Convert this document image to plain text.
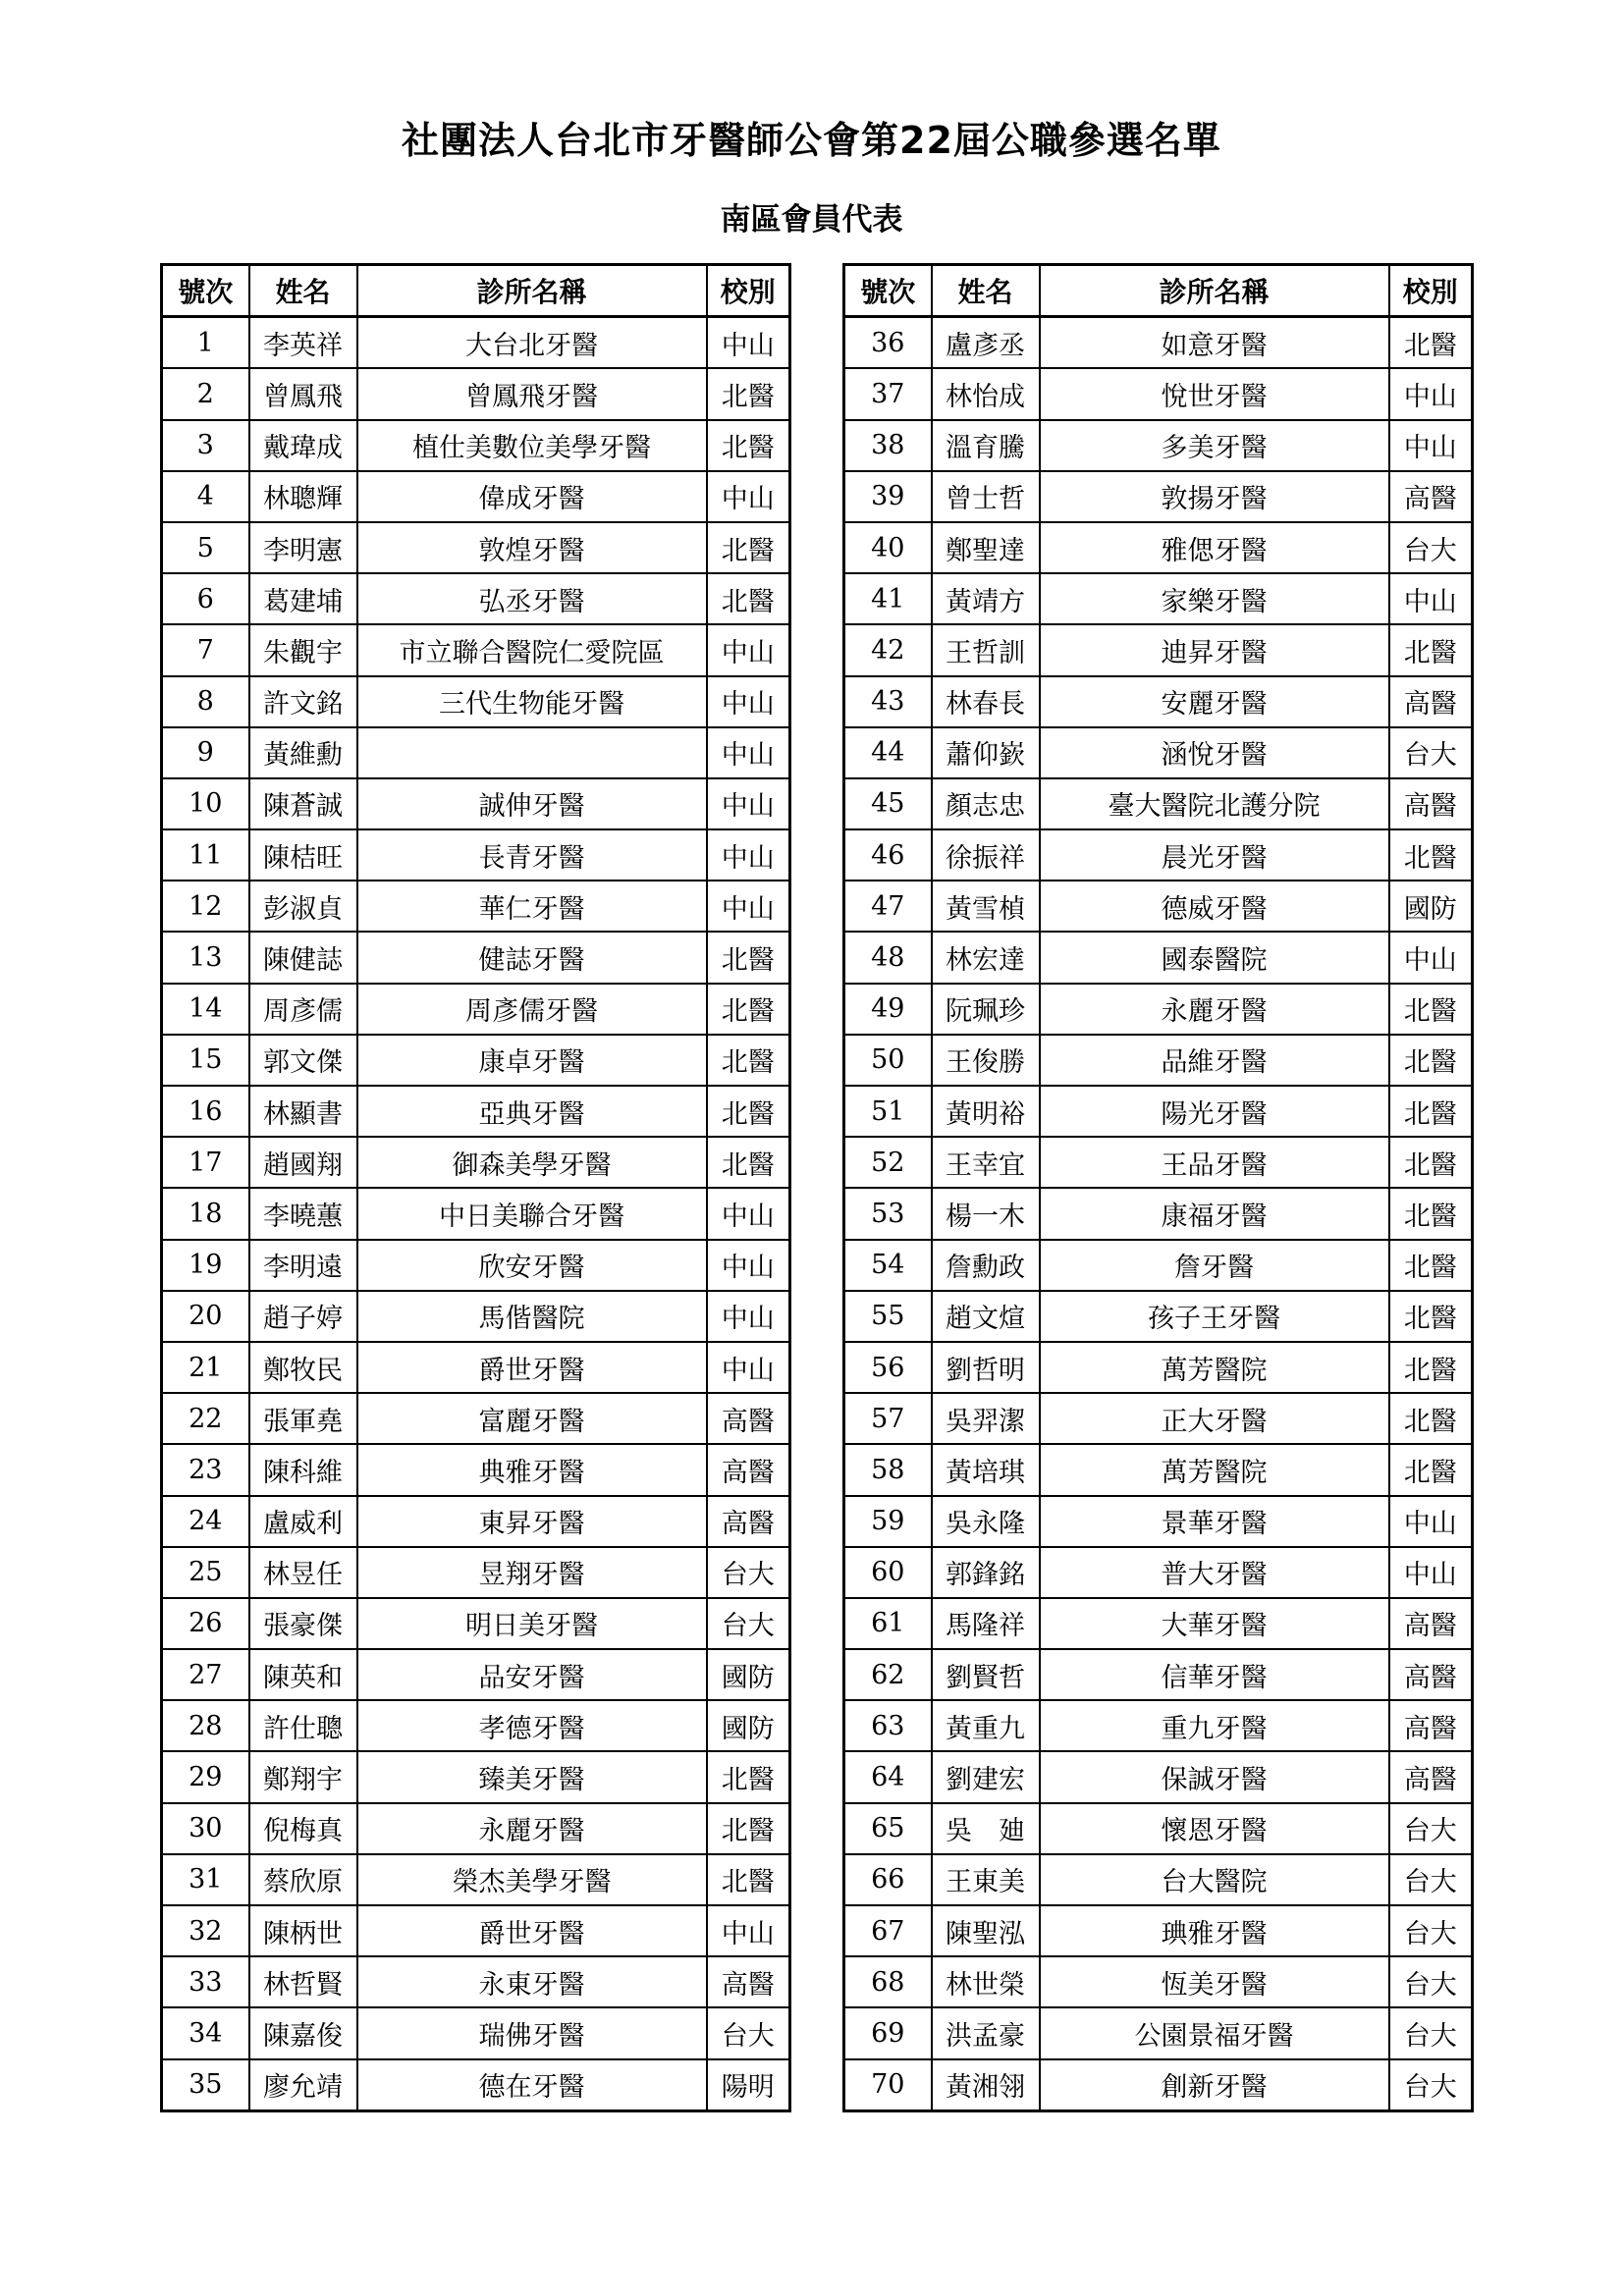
社團法人台北市牙醫師公會第22屆公職參選名單
南區會員代表
號次	姓名	診所名稱	校別
1	李英祥	大台北牙醫	中山
2	曾鳳飛	曾鳳飛牙醫	北醫
3	戴瑋成	植仕美數位美學牙醫	北醫
4	林聰輝	偉成牙醫	中山
5	李明憲	敦煌牙醫	北醫
6	葛建埔	弘丞牙醫	北醫
7	朱觀宇	市立聯合醫院仁愛院區	中山
8	許文銘	三代生物能牙醫	中山
9	黃維勳		中山
10	陳蒼誠	誠伸牙醫	中山
11	陳桔旺	長青牙醫	中山
12	彭淑貞	華仁牙醫	中山
13	陳健誌	健誌牙醫	北醫
14	周彥儒	周彥儒牙醫	北醫
15	郭文傑	康卓牙醫	北醫
16	林顯書	亞典牙醫	北醫
17	趙國翔	御森美學牙醫	北醫
18	李曉蕙	中日美聯合牙醫	中山
19	李明遠	欣安牙醫	中山
20	趙子婷	馬偕醫院	中山
21	鄭牧民	爵世牙醫	中山
22	張軍堯	富麗牙醫	高醫
23	陳科維	典雅牙醫	高醫
24	盧威利	東昇牙醫	高醫
25	林昱任	昱翔牙醫	台大
26	張豪傑	明日美牙醫	台大
27	陳英和	品安牙醫	國防
28	許仕聰	孝德牙醫	國防
29	鄭翔宇	臻美牙醫	北醫
30	倪梅真	永麗牙醫	北醫
31	蔡欣原	榮杰美學牙醫	北醫
32	陳柄世	爵世牙醫	中山
33	林哲賢	永東牙醫	高醫
34	陳嘉俊	瑞佛牙醫	台大
35	廖允靖	德在牙醫	陽明
號次	姓名	診所名稱	校別
36	盧彥丞	如意牙醫	北醫
37	林怡成	悅世牙醫	中山
38	溫育騰	多美牙醫	中山
39	曾士哲	敦揚牙醫	高醫
40	鄭聖達	雅偲牙醫	台大
41	黃靖方	家樂牙醫	中山
42	王哲訓	迪昇牙醫	北醫
43	林春長	安麗牙醫	高醫
44	蕭仰嶔	涵悅牙醫	台大
45	顏志忠	臺大醫院北護分院	高醫
46	徐振祥	晨光牙醫	北醫
47	黃雪楨	德威牙醫	國防
48	林宏達	國泰醫院	中山
49	阮珮珍	永麗牙醫	北醫
50	王俊勝	品維牙醫	北醫
51	黃明裕	陽光牙醫	北醫
52	王幸宜	王品牙醫	北醫
53	楊一木	康福牙醫	北醫
54	詹勳政	詹牙醫	北醫
55	趙文煊	孩子王牙醫	北醫
56	劉哲明	萬芳醫院	北醫
57	吳羿潔	正大牙醫	北醫
58	黃培琪	萬芳醫院	北醫
59	吳永隆	景華牙醫	中山
60	郭鋒銘	普大牙醫	中山
61	馬隆祥	大華牙醫	高醫
62	劉賢哲	信華牙醫	高醫
63	黃重九	重九牙醫	高醫
64	劉建宏	保誠牙醫	高醫
65	吳　廸	懷恩牙醫	台大
66	王東美	台大醫院	台大
67	陳聖泓	琠雅牙醫	台大
68	林世榮	恆美牙醫	台大
69	洪孟豪	公園景福牙醫	台大
70	黃湘翎	創新牙醫	台大
